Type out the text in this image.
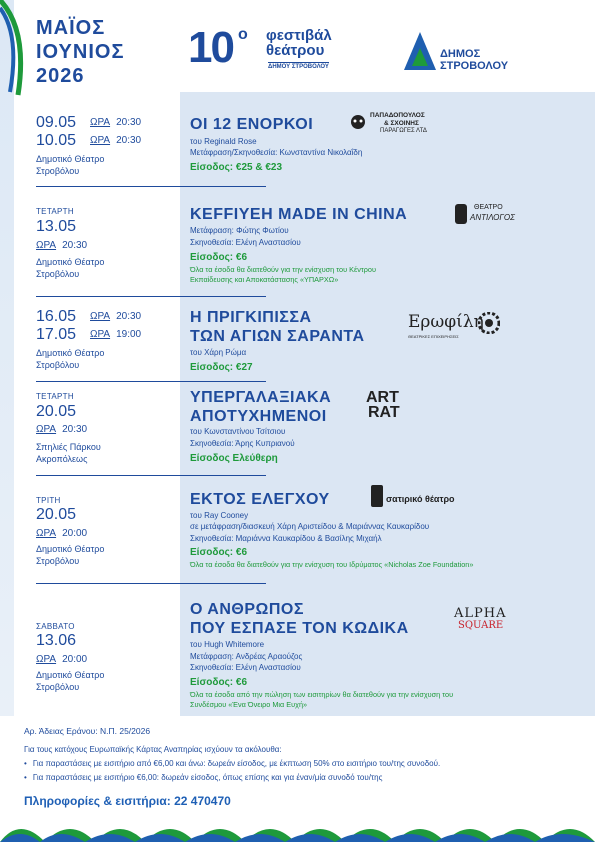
ΜΑΪΟΣ
ΙΟΥΝΙΟΣ
2026
10 ο φεστιβάλ
θεάτρου
ΔΗΜΟΥ ΣΤΡΟΒΟΛΟΥ
ΔΗΜΟΣ
ΣΤΡΟΒΟΛΟΥ
09.05 ΩΡΑ 20:30
10.05 ΩΡΑ 20:30
Δημοτικό Θέατρο
Στροβόλου
ΟΙ 12 ΕΝΟΡΚΟΙ
του Reginald Rose
Μετάφραση/Σκηνοθεσία: Κωνσταντίνα Νικολαΐδη
Είσοδος: €25 & €23
ΠΑΠΑΔΟΠΟΥΛΟΣ
& ΣΧΟΙΝΗΣ
ΠΑΡΑΓΩΓΕΣ ΛΤΔ
ΤΕΤΑΡΤΗ
13.05
ΩΡΑ 20:30
Δημοτικό Θέατρο
Στροβόλου
KEFFIYEH MADE IN CHINA
Μετάφραση: Φώτης Φωτίου
Σκηνοθεσία: Ελένη Αναστασίου
Είσοδος: €6
Όλα τα έσοδα θα διατεθούν για την ενίσχυση του Κέντρου
Εκπαίδευσης και Αποκατάστασης «ΥΠΑΡΧΩ»
ΘΕΑΤΡΟ
ΑΝΤΙΛΟΓΟΣ
16.05 ΩΡΑ 20:30
17.05 ΩΡΑ 19:00
Δημοτικό Θέατρο
Στροβόλου
Η ΠΡΙΓΚΙΠΙΣΣΑ
ΤΩΝ ΑΓΙΩΝ ΣΑΡΑΝΤΑ
του Χάρη Ρώμα
Είσοδος: €27
Ερωφίλη
ΘΕΑΤΡΙΚΕΣ ΕΠΙΧΕΙΡΗΣΕΙΣ
ΤΕΤΑΡΤΗ
20.05
ΩΡΑ 20:30
Σπηλιές Πάρκου
Ακροπόλεως
ΥΠΕΡΓΑΛΑΞΙΑΚΑ
ΑΠΟΤΥΧΗΜΕΝΟΙ
του Κωνσταντίνου Τσίτσιου
Σκηνοθεσία: Άρης Κυπριανού
Είσοδος Ελεύθερη
ART
RAT
ΤΡΙΤΗ
20.05
ΩΡΑ 20:00
Δημοτικό Θέατρο
Στροβόλου
ΕΚΤΟΣ ΕΛΕΓΧΟΥ
του Ray Cooney
σε μετάφραση/διασκευή Χάρη Αριστείδου & Μαριάννας Καυκαρίδου
Σκηνοθεσία: Μαριάννα Καυκαρίδου & Βασίλης Μιχαήλ
Είσοδος: €6
Όλα τα έσοδα θα διατεθούν για την ενίσχυση του Ιδρύματος «Nicholas Zoe Foundation»
σατιρικό θέατρο
ΣΑΒΒΑΤΟ
13.06
ΩΡΑ 20:00
Δημοτικό Θέατρο
Στροβόλου
Ο ΑΝΘΡΩΠΟΣ
ΠΟΥ ΕΣΠΑΣΕ ΤΟΝ ΚΩΔΙΚΑ
του Hugh Whitemore
Μετάφραση: Ανδρέας Αραούζος
Σκηνοθεσία: Ελένη Αναστασίου
Είσοδος: €6
Όλα τα έσοδα από την πώληση των εισιτηρίων θα διατεθούν για την ενίσχυση του
Συνδέσμου «Ένα Όνειρο Μια Ευχή»
ALPHA
SQUARE
Αρ. Άδειας Εράνου: Ν.Π. 25/2026
Για τους κατόχους Ευρωπαϊκής Κάρτας Αναπηρίας ισχύουν τα ακόλουθα:
• Για παραστάσεις με εισιτήριο από €6,00 και άνω: δωρεάν είσοδος, με έκπτωση 50% στο εισιτήριο του/της συνοδού.
• Για παραστάσεις με εισιτήριο €6,00: δωρεάν είσοδος, όπως επίσης και για έναν/μία συνοδό του/της
Πληροφορίες & εισιτήρια: 22 470470
